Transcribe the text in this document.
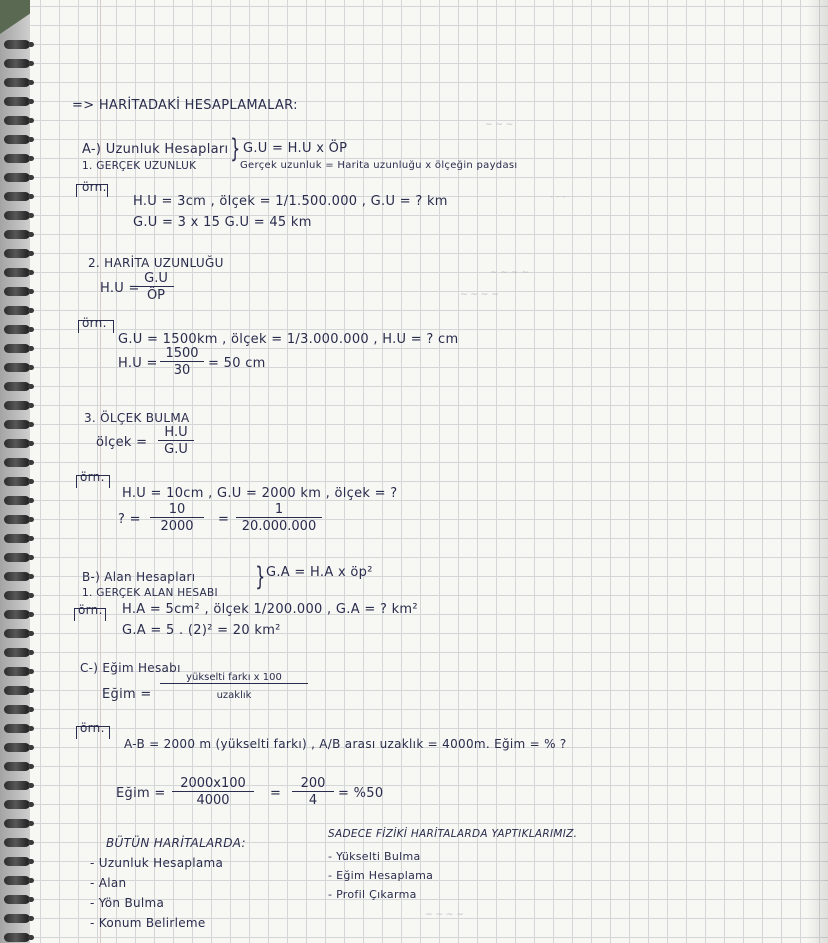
~ ~ ~
- - -
~ ~ ~ ~
~ ~ ~ ~
~ ~ ~ ~
=> HARİTADAKİ HESAPLAMALAR:
A-) Uzunluk Hesapları } G.U = H.U x ÖP
1. GERÇEK UZUNLUK	Gerçek uzunluk = Harita uzunluğu x ölçeğin paydası
örn.
H.U = 3cm , ölçek = 1/1.500.000 , G.U = ? km
G.U = 3 x 15 G.U = 45 km
2. HARİTA UZUNLUĞU
H.U =
$\frac{G.U}{ÖP}$
örn.
G.U = 1500km , ölçek = 1/3.000.000 , H.U = ? cm
$H.U = \frac{1500}{30} = 50$ cm
3. ÖLÇEK BULMA
ölçek = $\frac{H.U}{G.U}$
örn.
H.U = 10cm , G.U = 2000 km , ölçek = ?
? = $\frac{10}{2000} = \frac{1}{20.000.000}$
B-) Alan Hesapları
1. GERÇEK ALAN HESABI
} G.A = H.A x öp²
örn. H.A = 5cm² , ölçek 1/200.000 , G.A = ? km²
G.A = 5 . (2)² = 20 km²
C-) Eğim Hesabı
Eğim =
yükselti farkı x 100
uzaklık
örn.
A-B = 2000 m (yükselti farkı) , A/B arası uzaklık = 4000m. Eğim = % ?
Eğim = $\frac{2000x100}{4000} = \frac{200}{4} = \%50$
BÜTÜN HARİTALARDA:
- Uzunluk Hesaplama
- Alan
- Yön Bulma
- Konum Belirleme
SADECE FİZİKİ HARİTALARDA YAPTIKLARIMIZ.
- Yükselti Bulma
- Eğim Hesaplama
- Profil Çıkarma
